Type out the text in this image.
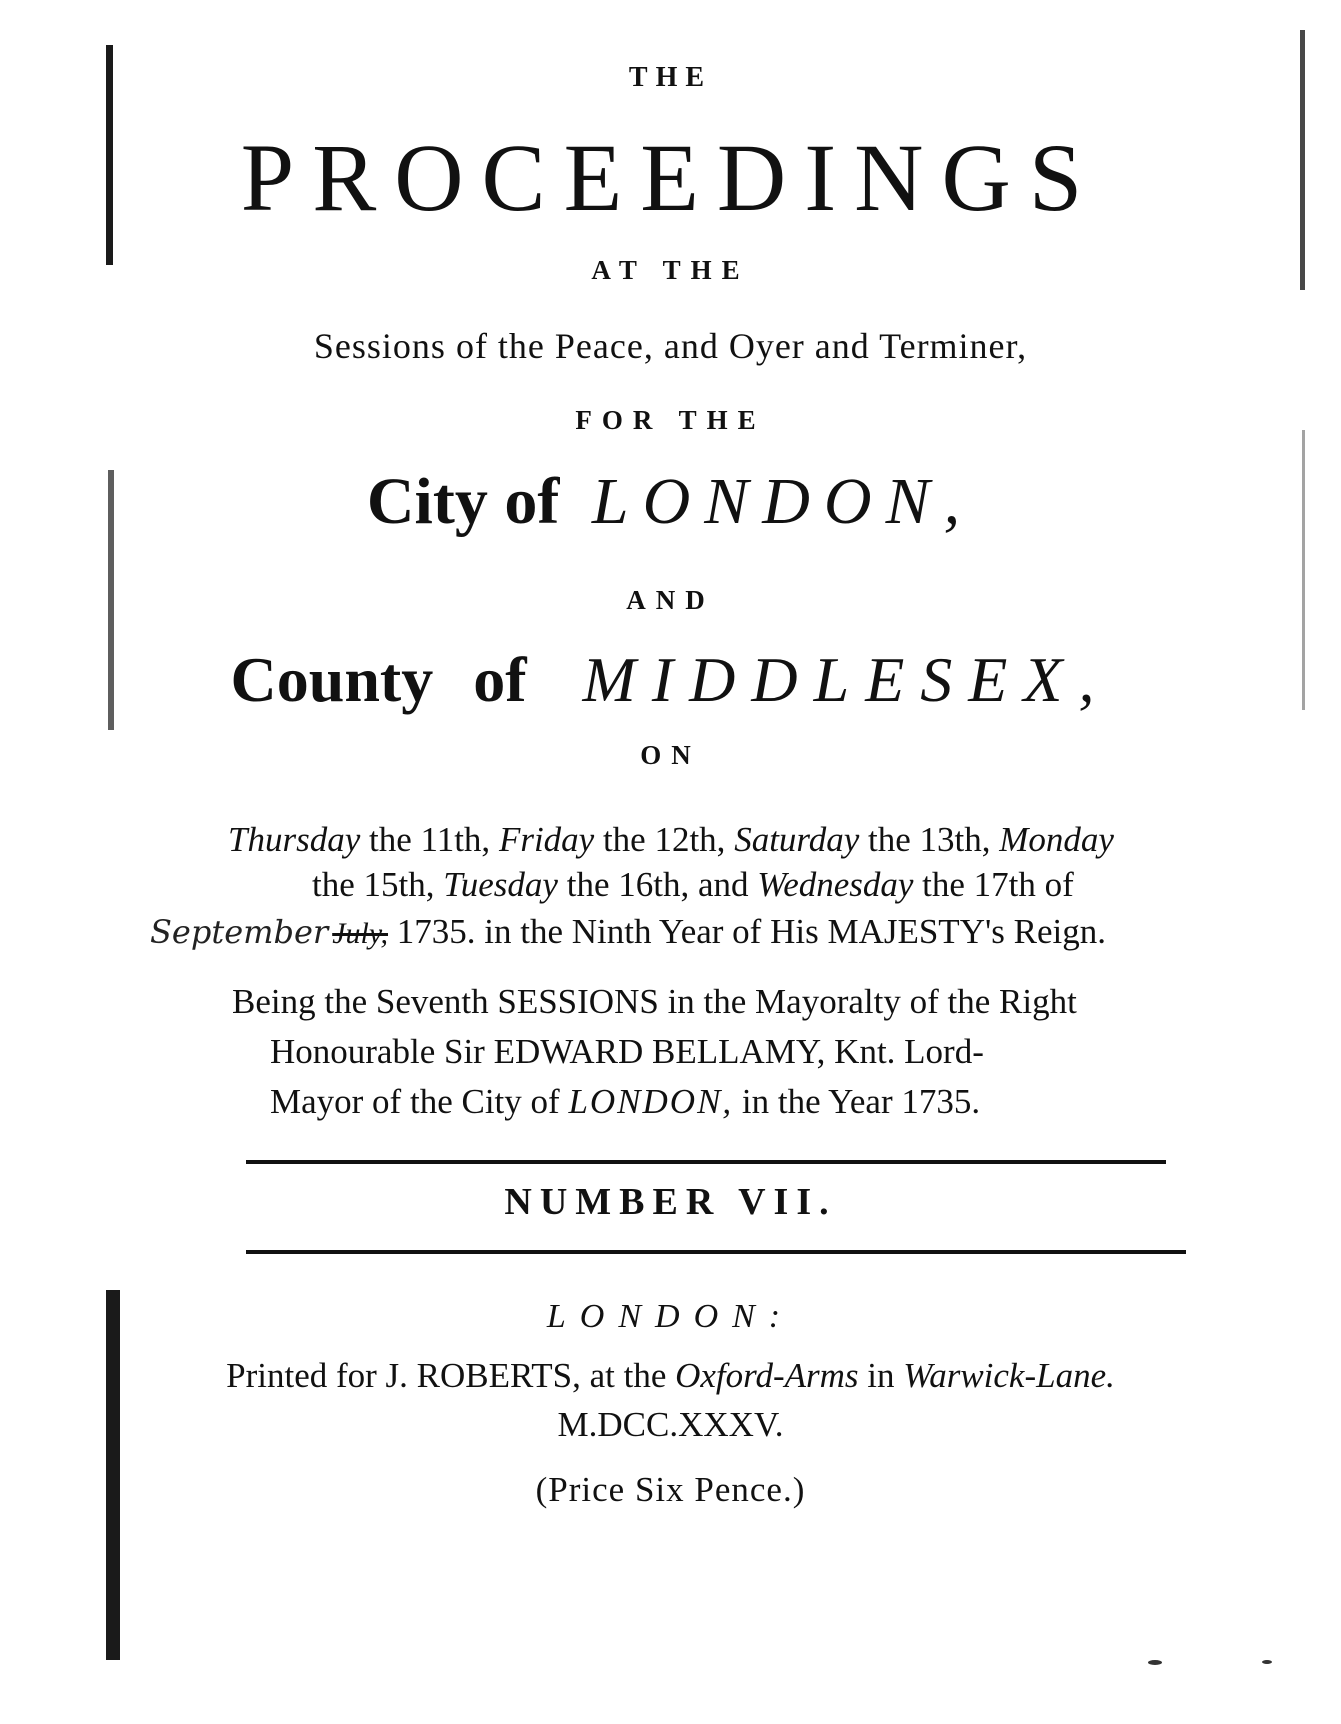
THE
PROCEEDINGS
AT THE
Sessions of the Peace, and Oyer and Terminer,
FOR THE
City of LONDON,
AND
County of MIDDLESEX,
ON
Thursday the 11th, Friday the 12th, Saturday the 13th, Monday
the 15th, Tuesday the 16th, and Wednesday the 17th of
September July, 1735. in the Ninth Year of His MAJESTY's Reign.
Being the Seventh SESSIONS in the Mayoralty of the Right
Honourable Sir EDWARD BELLAMY, Knt. Lord-
Mayor of the City of LONDON, in the Year 1735.
NUMBER VII.
LONDON:
Printed for J. ROBERTS, at the Oxford-Arms in Warwick-Lane.
M.DCC.XXXV.
(Price Six Pence.)
